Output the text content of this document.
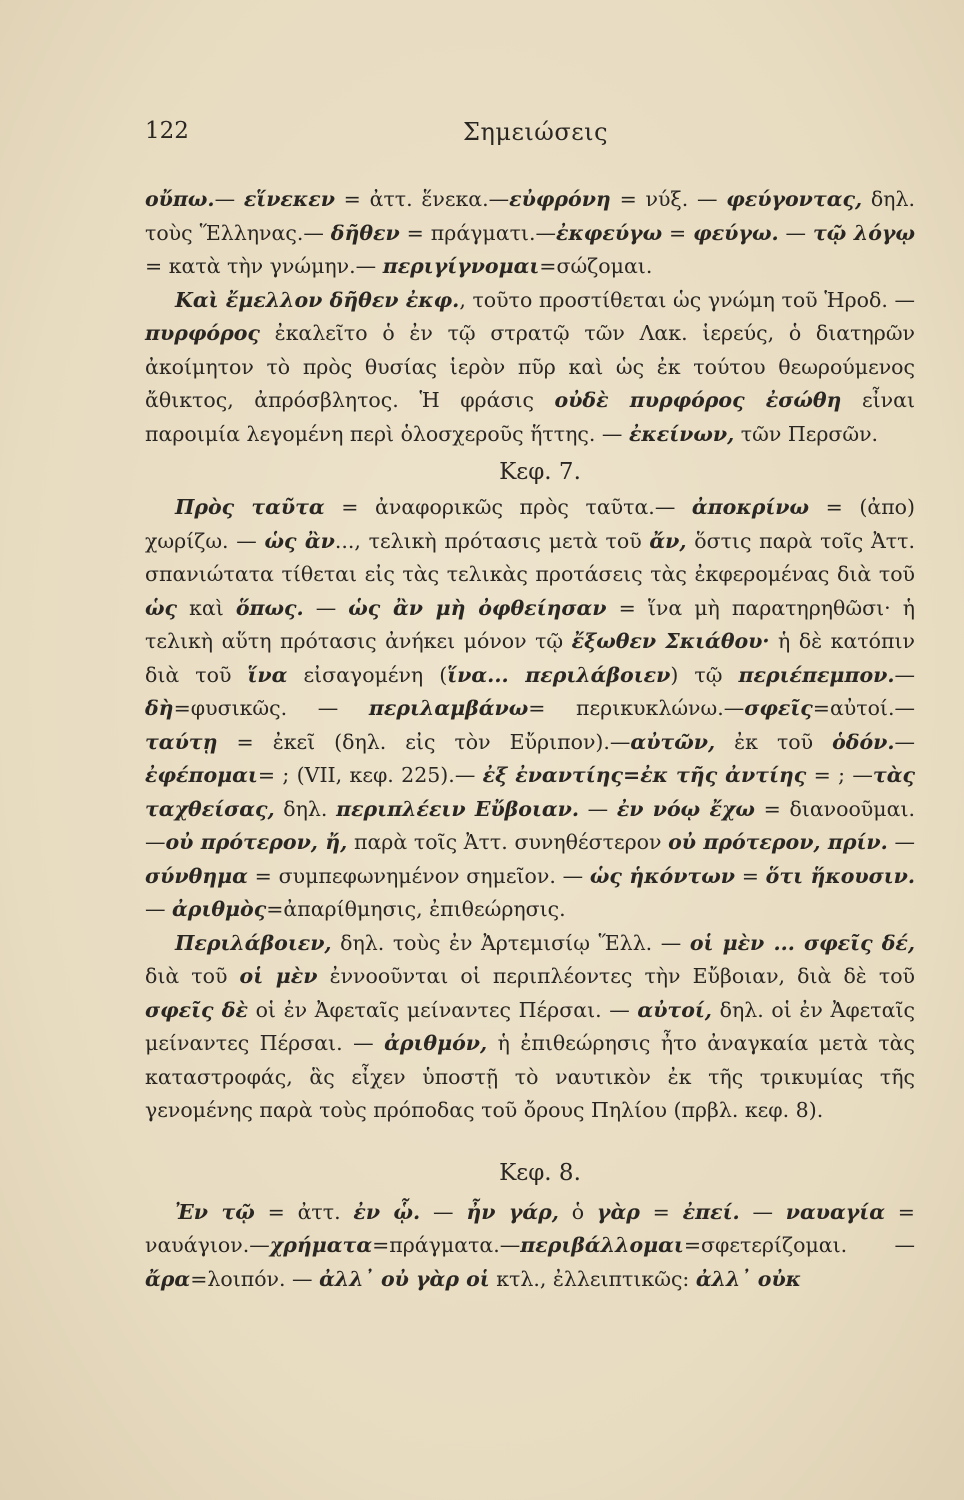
122	Σημειώσεις

οὔπω.— εἵνεκεν = ἀττ. ἕνεκα.—εὐφρόνη = νύξ. — φεύγοντας, δηλ. τοὺς Ἕλληνας.— δῆθεν = πράγματι.—ἐκφεύγω = φεύγω. — τῷ λόγῳ = κατὰ τὴν γνώμην.— περιγίγνομαι=σώζομαι.

Καὶ ἔμελλον δῆθεν ἐκφ., τοῦτο προστίθεται ὡς γνώμη τοῦ Ἡροδ. — πυρφόρος ἐκαλεῖτο ὁ ἐν τῷ στρατῷ τῶν Λακ. ἱερεύς, ὁ διατηρῶν ἀκοίμητον τὸ πρὸς θυσίας ἱερὸν πῦρ καὶ ὡς ἐκ τούτου θεωρούμενος ἄθικτος, ἀπρόσβλητος. Ἡ φράσις οὐδὲ πυρφόρος ἐσώθη εἶναι παροιμία λεγομένη περὶ ὁλοσχεροῦς ἥττης. — ἐκείνων, τῶν Περσῶν.

Κεφ. 7.

Πρὸς ταῦτα = ἀναφορικῶς πρὸς ταῦτα.— ἀποκρίνω = (ἀπο) χωρίζω. — ὡς ἂν..., τελικὴ πρότασις μετὰ τοῦ ἄν, ὅστις παρὰ τοῖς Ἀττ. σπανιώτατα τίθεται εἰς τὰς τελικὰς προτάσεις τὰς ἐκφερομένας διὰ τοῦ ὡς καὶ ὅπως. — ὡς ἂν μὴ ὀφθείησαν = ἵνα μὴ παρατηρηθῶσι· ἡ τελικὴ αὕτη πρότασις ἀνήκει μόνον τῷ ἔξωθεν Σκιάθου· ἡ δὲ κατόπιν διὰ τοῦ ἵνα εἰσαγομένη (ἵνα... περιλάβοιεν) τῷ περιέπεμπον.— δὴ=φυσικῶς. — περιλαμβάνω= περικυκλώνω.—σφεῖς=αὐτοί.—ταύτῃ = ἐκεῖ (δηλ. εἰς τὸν Εὔριπον).—αὐτῶν, ἐκ τοῦ ὁδόν.—ἐφέπομαι= ; (VII, κεφ. 225).— ἐξ ἐναντίης=ἐκ τῆς ἀντίης = ; —τὰς ταχθείσας, δηλ. περιπλέειν Εὔβοιαν. — ἐν νόῳ ἔχω = διανοοῦμαι.—οὐ πρότερον, ἤ, παρὰ τοῖς Ἀττ. συνηθέστερον οὐ πρότερον, πρίν. — σύνθημα = συμπεφωνημένον σημεῖον. — ὡς ἡκόντων = ὅτι ἥκουσιν. — ἀριθμὸς=ἀπαρίθμησις, ἐπιθεώρησις.

Περιλάβοιεν, δηλ. τοὺς ἐν Ἀρτεμισίῳ Ἕλλ. — οἱ μὲν ... σφεῖς δέ, διὰ τοῦ οἱ μὲν ἐννοοῦνται οἱ περιπλέοντες τὴν Εὔβοιαν, διὰ δὲ τοῦ σφεῖς δὲ οἱ ἐν Ἀφεταῖς μείναντες Πέρσαι. — αὐτοί, δηλ. οἱ ἐν Ἀφεταῖς μείναντες Πέρσαι. — ἀριθμόν, ἡ ἐπιθεώρησις ἦτο ἀναγκαία μετὰ τὰς καταστροφάς, ἃς εἶχεν ὑποστῇ τὸ ναυτικὸν ἐκ τῆς τρικυμίας τῆς γενομένης παρὰ τοὺς πρόποδας τοῦ ὄρους Πηλίου (πρβλ. κεφ. 8).

Κεφ. 8.

Ἐν τῷ = ἀττ. ἐν ᾧ. — ἦν γάρ, ὁ γὰρ = ἐπεί. — ναυαγία = ναυάγιον.—χρήματα=πράγματα.—περιβάλλομαι=σφετερίζομαι. —ἄρα=λοιπόν. — ἀλλ᾽ οὐ γὰρ οἱ κτλ., ἐλλειπτικῶς: ἀλλ᾽ οὐκ
